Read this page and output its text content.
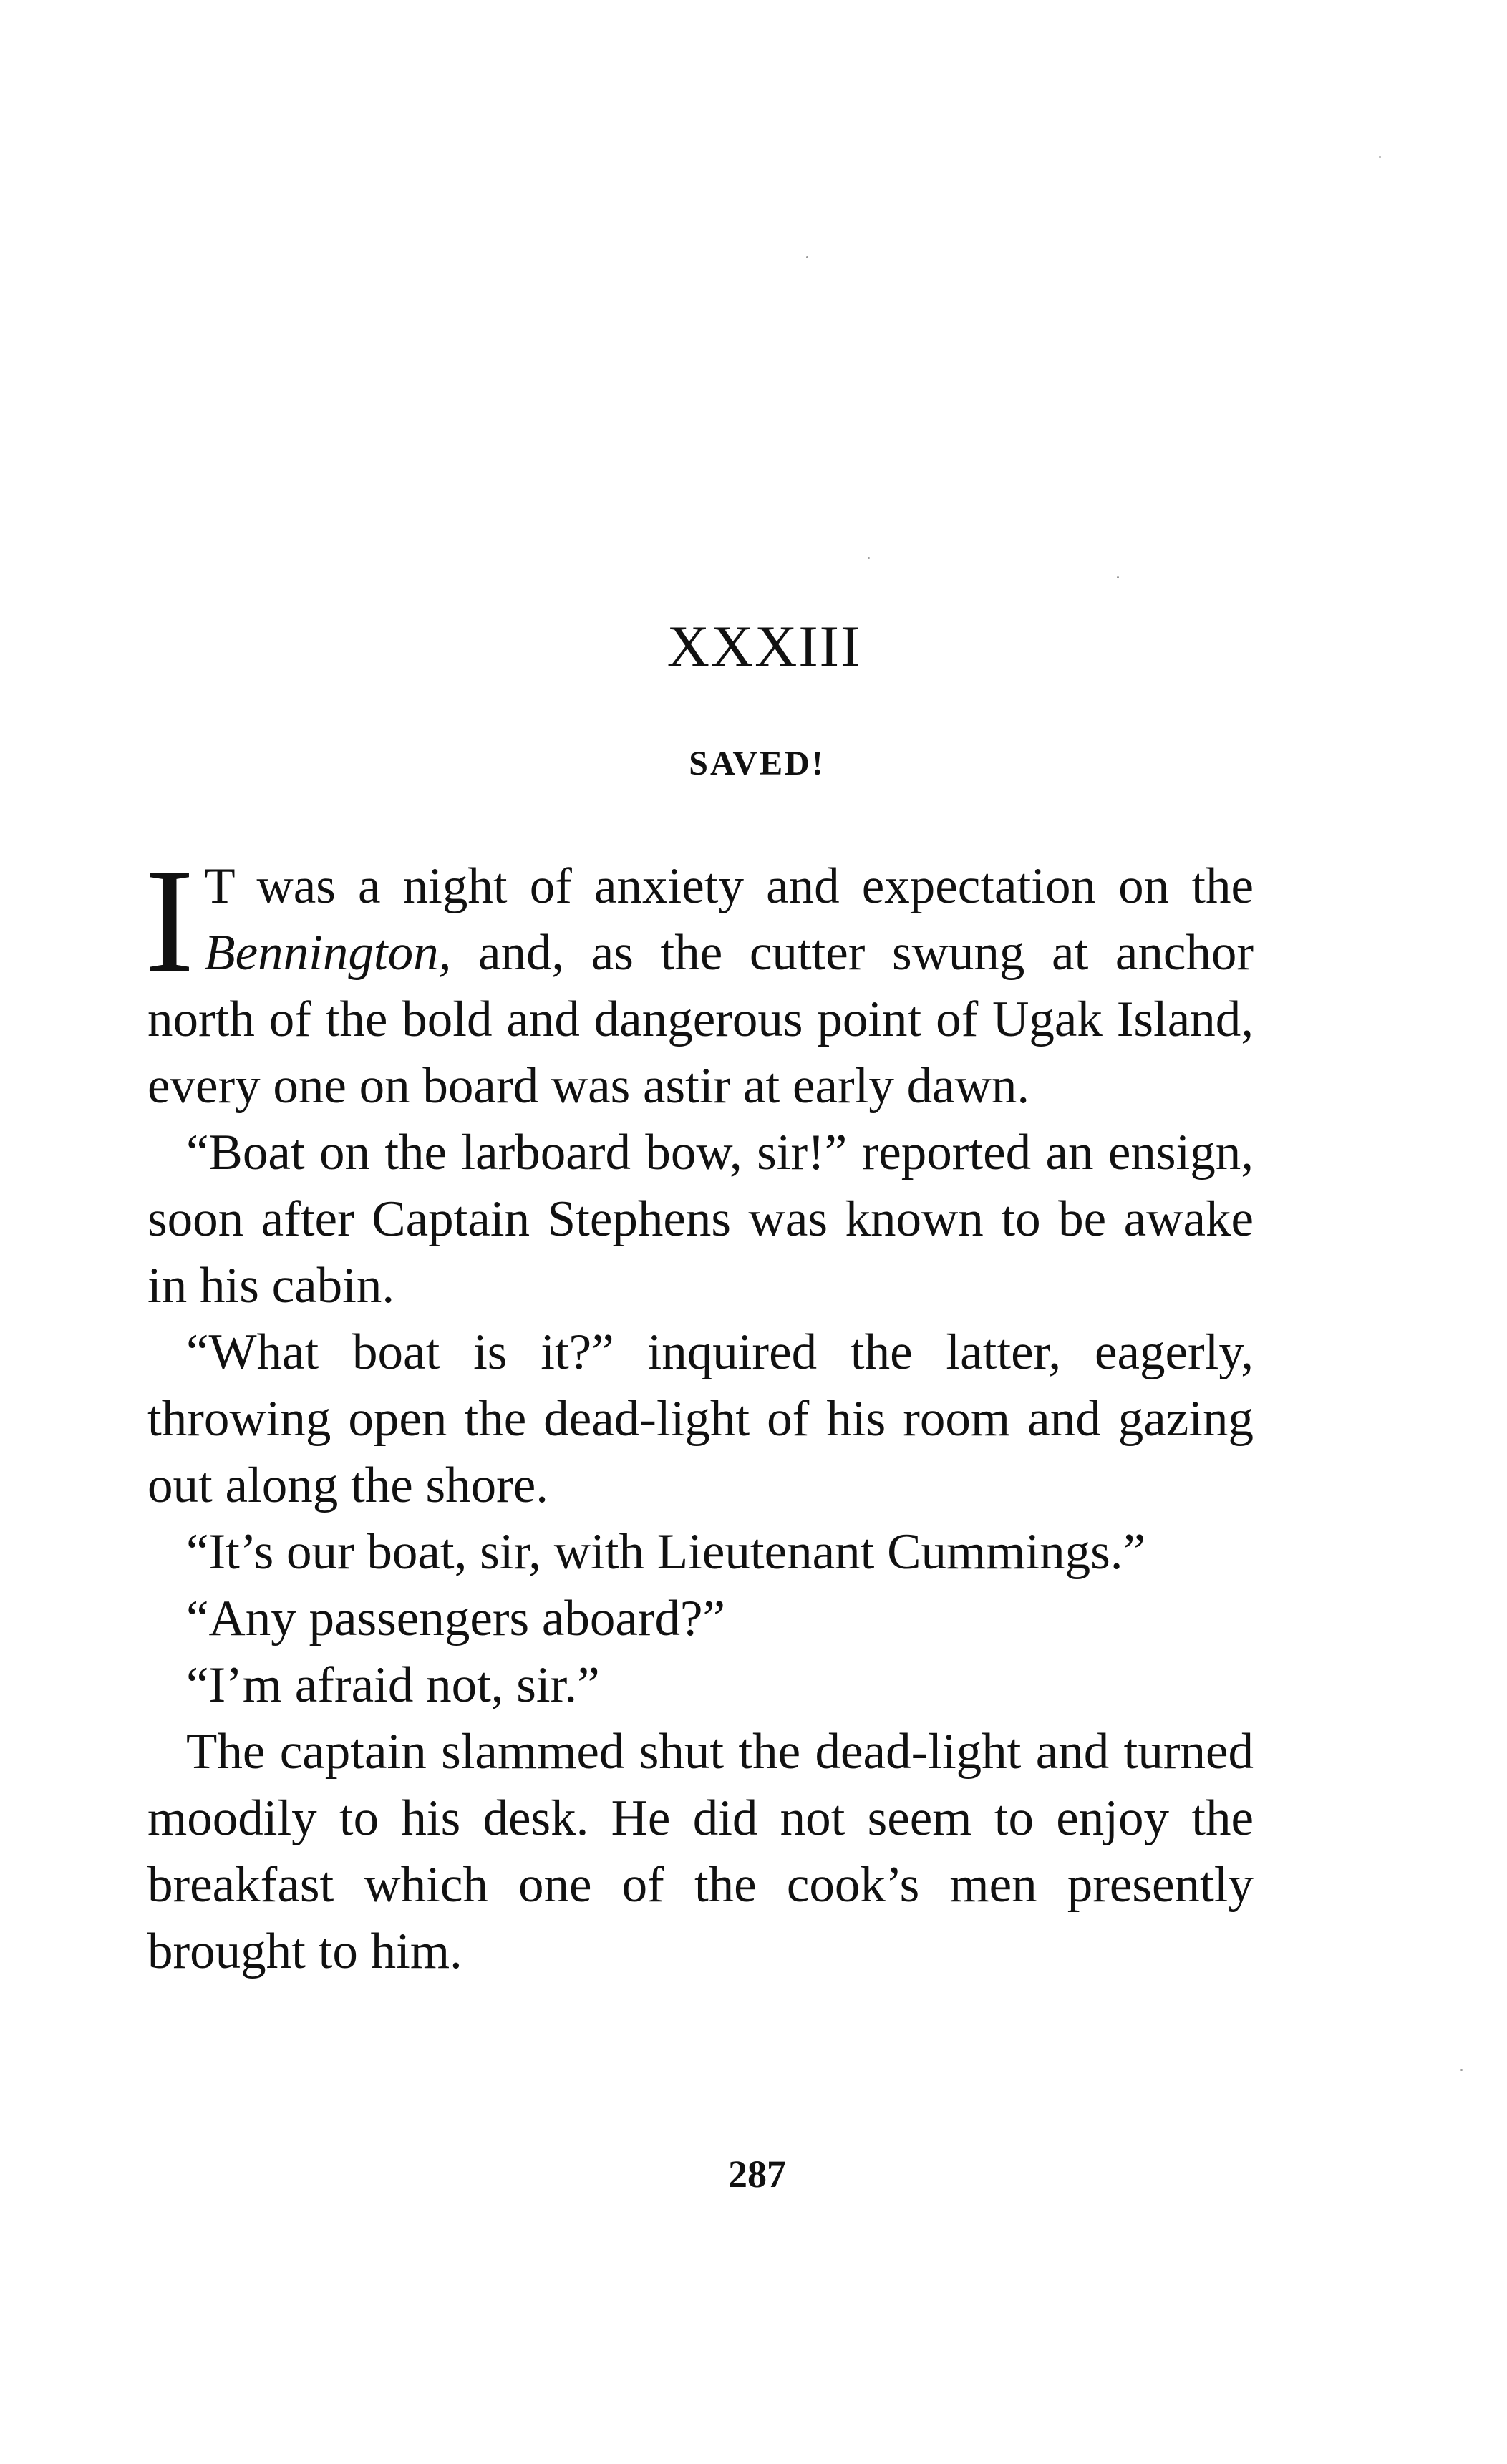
XXXIII
SAVED!

I T was a night of anxiety and expectation on the Bennington, and, as the cutter swung at anchor north of the bold and dangerous point of Ugak Island, every one on board was astir at early dawn.

“Boat on the larboard bow, sir!” reported an ensign, soon after Captain Stephens was known to be awake in his cabin.

“What boat is it?” inquired the latter, eagerly, throwing open the dead-light of his room and gazing out along the shore.

“It’s our boat, sir, with Lieutenant Cummings.”

“Any passengers aboard?”

“I’m afraid not, sir.”

The captain slammed shut the dead-light and turned moodily to his desk. He did not seem to enjoy the breakfast which one of the cook’s men presently brought to him.

287
